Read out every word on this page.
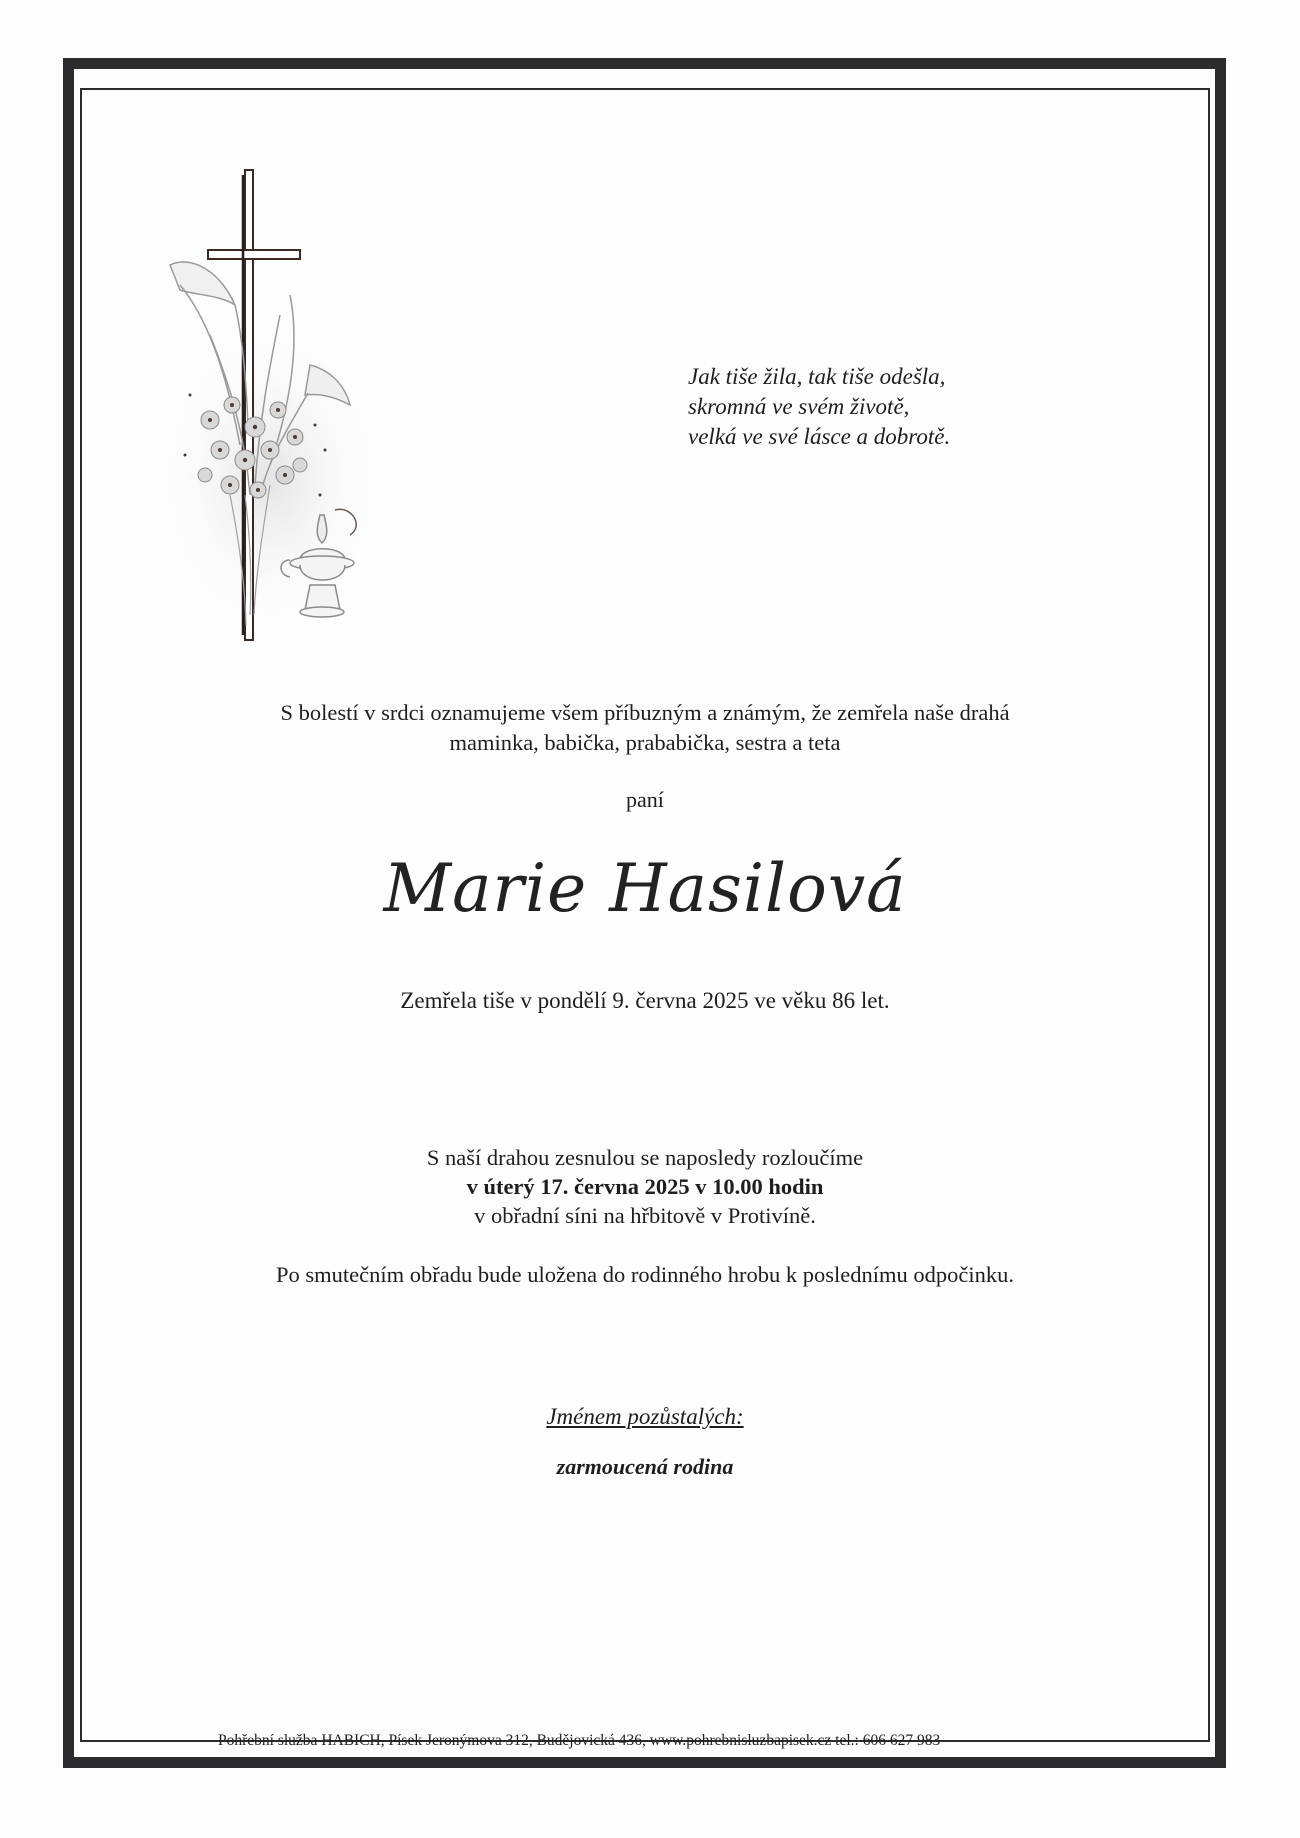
Jak tiše žila, tak tiše odešla,
skromná ve svém životě,
velká ve své lásce a dobrotě.
S bolestí v srdci oznamujeme všem příbuzným a známým, že zemřela naše drahá
maminka, babička, prababička, sestra a teta
paní
Marie Hasilová
Zemřela tiše v pondělí 9. června 2025 ve věku 86 let.
S naší drahou zesnulou se naposledy rozloučíme
v úterý 17. června 2025 v 10.00 hodin
v obřadní síni na hřbitově v Protivíně.
Po smutečním obřadu bude uložena do rodinného hrobu k poslednímu odpočinku.
Jménem pozůstalých:
zarmoucená rodina
Pohřební služba HABICH, Písek Jeronýmova 312, Budějovická 436, www.pohrebnisluzbapisek.cz tel.: 606 627 983
